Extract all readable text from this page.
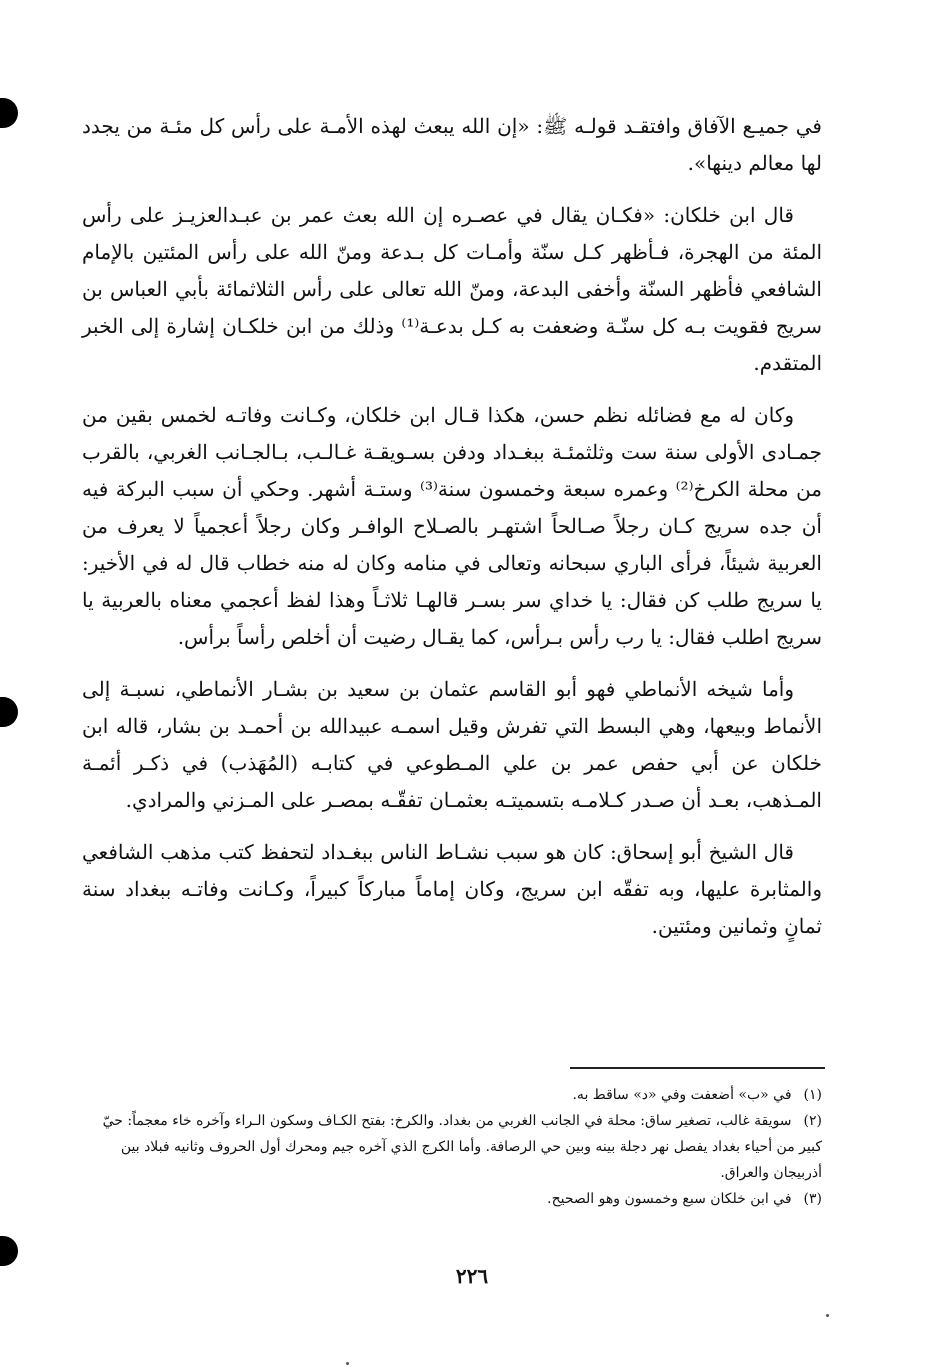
في جميـع الآفاق وافتقـد قولـه ﷺ: «إن الله يبعث لهذه الأمـة على رأس كل مئـة من يجدد لها معالم دينها».

قال ابن خلكان: «فكـان يقال في عصـره إن الله بعث عمر بن عبـدالعزيـز على رأس المئة من الهجرة، فـأظهر كـل سنّة وأمـات كل بـدعة ومنّ الله على رأس المئتين بالإمام الشافعي فأظهر السنّة وأخفى البدعة، ومنّ الله تعالى على رأس الثلاثمائة بأبي العباس بن سريج فقويت بـه كل سنّـة وضعفت به كـل بدعـة⁽¹⁾ وذلك من ابن خلكـان إشارة إلى الخبر المتقدم.

وكان له مع فضائله نظم حسن، هكذا قـال ابن خلكان، وكـانت وفاتـه لخمس بقين من جمـادى الأولى سنة ست وثلثمئـة ببغـداد ودفن بسـويقـة غـالـب، بـالجـانب الغربي، بالقرب من محلة الكرخ⁽²⁾ وعمره سبعة وخمسون سنة⁽³⁾ وستـة أشهر. وحكي أن سبب البركة فيه أن جده سريج كـان رجلاً صـالحاً اشتهـر بالصـلاح الوافـر وكان رجلاً أعجمياً لا يعرف من العربية شيئاً، فرأى الباري سبحانه وتعالى في منامه وكان له منه خطاب قال له في الأخير: يا سريج طلب كن فقال: يا خداي سر بسـر قالهـا ثلاثـاً وهذا لفظ أعجمي معناه بالعربية يا سريج اطلب فقال: يا رب رأس بـرأس، كما يقـال رضيت أن أخلص رأساً برأس.

وأما شيخه الأنماطي فهو أبو القاسم عثمان بن سعيد بن بشـار الأنماطي، نسبـة إلى الأنماط وبيعها، وهي البسط التي تفرش وقيل اسمـه عبيدالله بن أحمـد بن بشار، قاله ابن خلكان عن أبي حفص عمر بن علي المـطوعي في كتابـه (المُهَذب) في ذكـر أئمـة المـذهب، بعـد أن صـدر كـلامـه بتسميتـه بعثمـان تفقّـه بمصـر على المـزني والمرادي.

قال الشيخ أبو إسحاق: كان هو سبب نشـاط الناس ببغـداد لتحفظ كتب مذهب الشافعي والمثابرة عليها، وبه تفقّه ابن سريج، وكان إماماً مباركاً كبيراً، وكـانت وفاتـه ببغداد سنة ثمانٍ وثمانين ومئتين.

(١) في «ب» أضعفت وفي «د» ساقط به.

(٢) سويقة غالب، تصغير ساق: محلة في الجانب الغربي من بغداد. والكرخ: بفتح الكـاف وسكون الـراء وآخره خاء معجماً: حيّ كبير من أحياء بغداد يفصل نهر دجلة بينه وبين حي الرصافة. وأما الكرج الذي آخره جيم ومحرك أول الحروف وثانيه فبلاد بين أذربيجان والعراق.

(٣) في ابن خلكان سبع وخمسون وهو الصحيح.

٢٢٦
